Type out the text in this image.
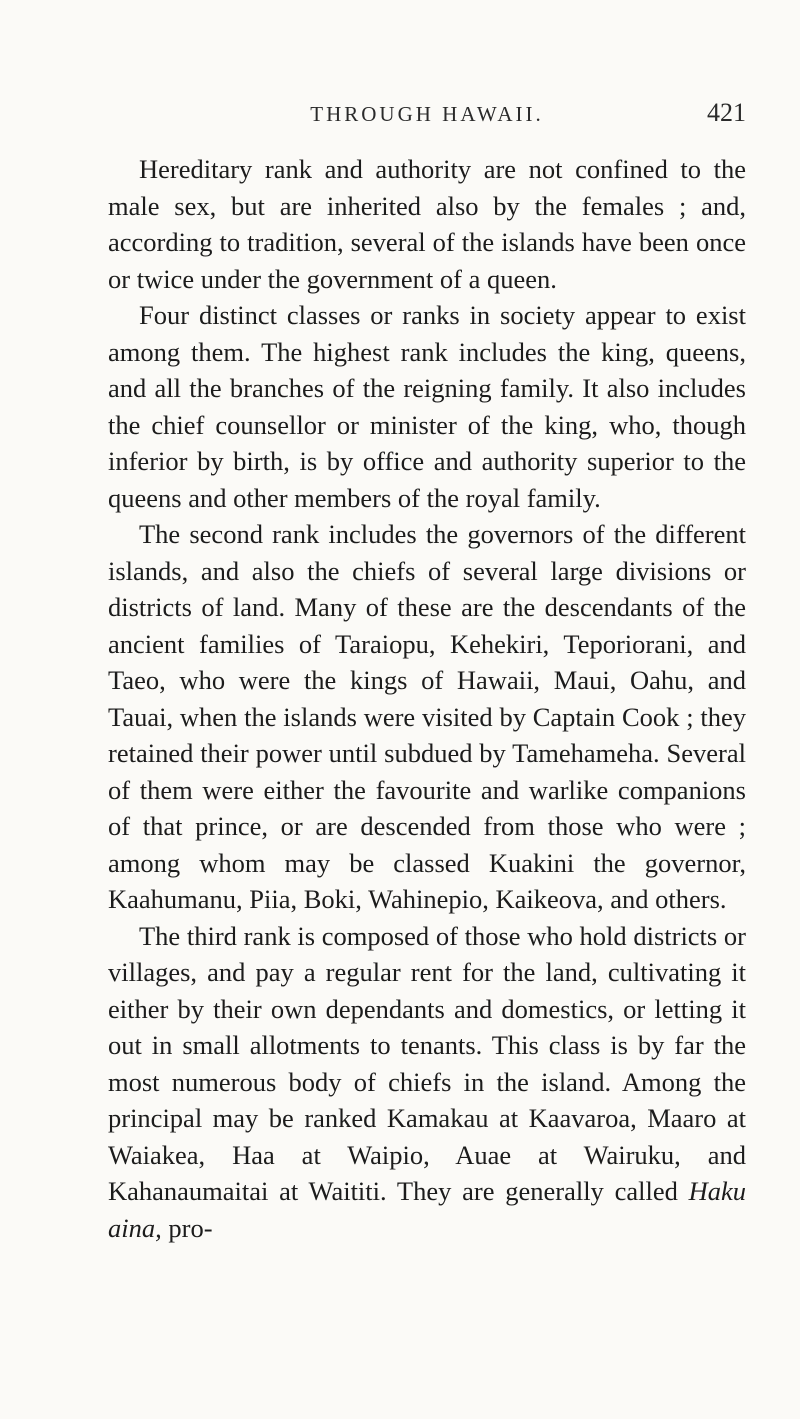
THROUGH HAWAII.	421

Hereditary rank and authority are not confined to the male sex, but are inherited also by the females ; and, according to tradition, several of the islands have been once or twice under the government of a queen.

Four distinct classes or ranks in society appear to exist among them. The highest rank includes the king, queens, and all the branches of the reigning family. It also includes the chief counsellor or minister of the king, who, though inferior by birth, is by office and authority superior to the queens and other members of the royal family.

The second rank includes the governors of the different islands, and also the chiefs of several large divisions or districts of land. Many of these are the descendants of the ancient families of Taraiopu, Kehekiri, Teporiorani, and Taeo, who were the kings of Hawaii, Maui, Oahu, and Tauai, when the islands were visited by Captain Cook ; they retained their power until subdued by Tamehameha. Several of them were either the favourite and warlike companions of that prince, or are descended from those who were ; among whom may be classed Kuakini the governor, Kaahumanu, Piia, Boki, Wahinepio, Kaikeova, and others.

The third rank is composed of those who hold districts or villages, and pay a regular rent for the land, cultivating it either by their own dependants and domestics, or letting it out in small allotments to tenants. This class is by far the most numerous body of chiefs in the island. Among the principal may be ranked Kamakau at Kaavaroa, Maaro at Waiakea, Haa at Waipio, Auae at Wairuku, and Kahanaumaitai at Waititi. They are generally called Haku aina, pro-
